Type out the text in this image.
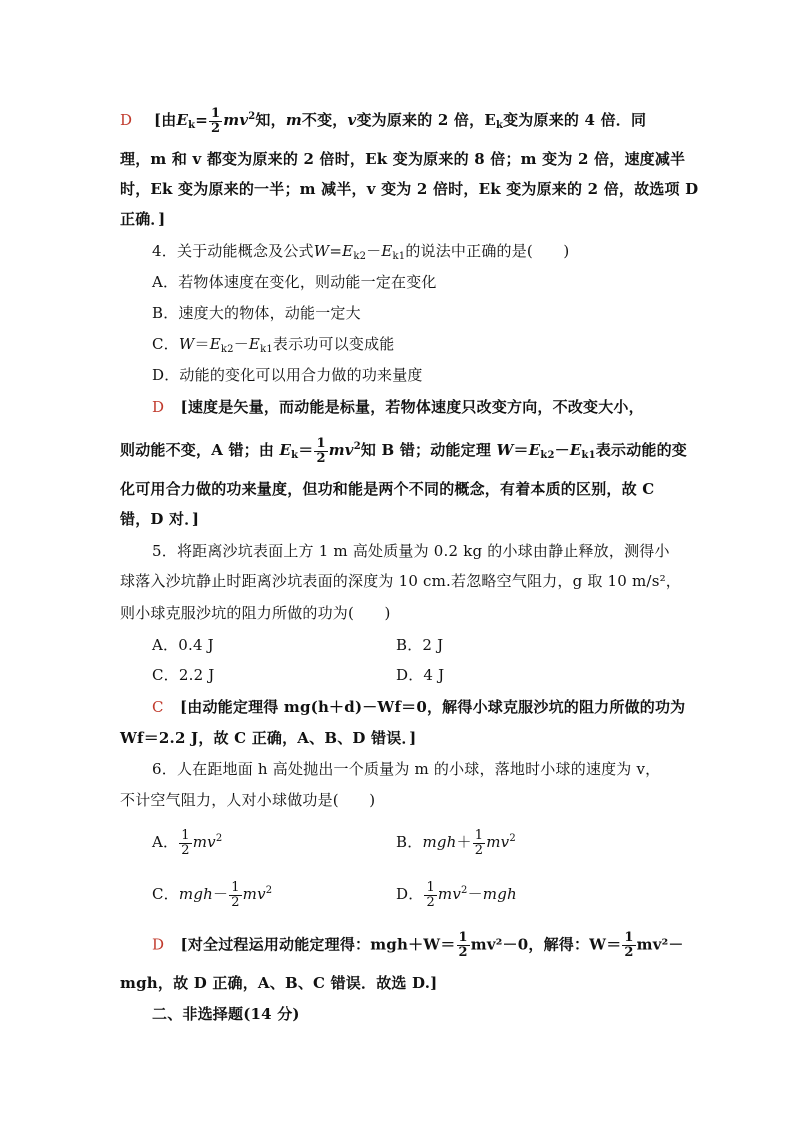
D [由$E_k= \frac{1}{2} mv^2$知，m不变，v变为原来的 2 倍，$E_k$变为原来的 4 倍．同
理，m 和 v 都变为原来的 2 倍时，Ek 变为原来的 8 倍；m 变为 2 倍，速度减半
时，Ek 变为原来的一半；m 减半，v 变为 2 倍时，Ek 变为原来的 2 倍，故选项 D
正确．]
4．关于动能概念及公式$W=E_{k2}-E_{k1}$的说法中正确的是(　　)
A．若物体速度在变化，则动能一定在变化
B．速度大的物体，动能一定大
C．$W=E_{k2}-E_{k1}$表示功可以变成能
D．动能的变化可以用合力做的功来量度
D [速度是矢量，而动能是标量，若物体速度只改变方向，不改变大小，
则动能不变，A 错；由 $E_k= \frac{1}{2} mv^2$知 B 错；动能定理 $W=E_{k2}-E_{k1}$表示动能的变
化可用合力做的功来量度，但功和能是两个不同的概念，有着本质的区别，故 C
错，D 对．]
5．将距离沙坑表面上方 1 m 高处质量为 0.2 kg 的小球由静止释放，测得小
球落入沙坑静止时距离沙坑表面的深度为 10 cm.若忽略空气阻力，g 取 10 m/s²，
则小球克服沙坑的阻力所做的功为(　　)
A．0.4 J	B．2 J
C．2.2 J	D．4 J
C [由动能定理得 mg(h＋d)－Wf＝0，解得小球克服沙坑的阻力所做的功为
Wf＝2.2 J，故 C 正确，A、B、D 错误．]
6．人在距地面 h 高处抛出一个质量为 m 的小球，落地时小球的速度为 v，
不计空气阻力，人对小球做功是(　　)
A． $\frac{1}{2} mv^2$	B．$mgh+ \frac{1}{2} mv^2$
C．$mgh- \frac{1}{2} mv^2$	D． $\frac{1}{2} mv^2-mgh$
D [对全过程运用动能定理得：$mgh+W= \frac{1}{2} mv^2-0$，解得：$W= \frac{1}{2} mv^2-$
mgh，故 D 正确，A、B、C 错误．故选 D.]
二、非选择题(14 分)
